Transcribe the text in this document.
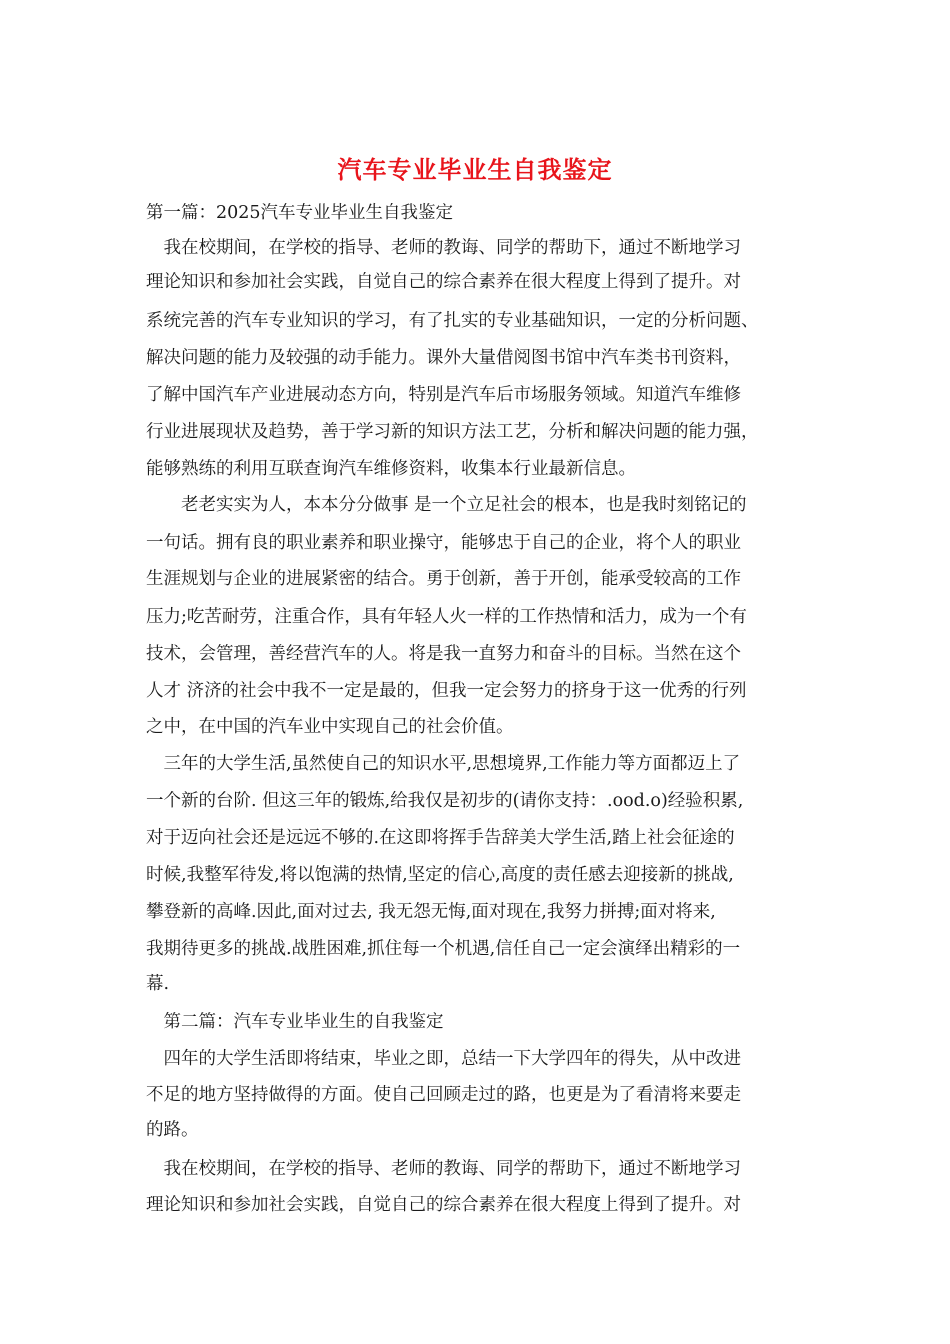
汽车专业毕业生自我鉴定
第一篇：2025汽车专业毕业生自我鉴定
　我在校期间，在学校的指导、老师的教诲、同学的帮助下，通过不断地学习
理论知识和参加社会实践，自觉自己的综合素养在很大程度上得到了提升。对
系统完善的汽车专业知识的学习，有了扎实的专业基础知识，一定的分析问题、
解决问题的能力及较强的动手能力。课外大量借阅图书馆中汽车类书刊资料，
了解中国汽车产业进展动态方向，特别是汽车后市场服务领域。知道汽车维修
行业进展现状及趋势，善于学习新的知识方法工艺，分析和解决问题的能力强，
能够熟练的利用互联查询汽车维修资料，收集本行业最新信息。
　　老老实实为人，本本分分做事 是一个立足社会的根本，也是我时刻铭记的
一句话。拥有良的职业素养和职业操守，能够忠于自己的企业，将个人的职业
生涯规划与企业的进展紧密的结合。勇于创新，善于开创，能承受较高的工作
压力;吃苦耐劳，注重合作，具有年轻人火一样的工作热情和活力，成为一个有
技术，会管理，善经营汽车的人。将是我一直努力和奋斗的目标。当然在这个
人才 济济的社会中我不一定是最的，但我一定会努力的挤身于这一优秀的行列
之中，在中国的汽车业中实现自己的社会价值。
　三年的大学生活,虽然使自己的知识水平,思想境界,工作能力等方面都迈上了
一个新的台阶. 但这三年的锻炼,给我仅是初步的(请你支持：.ood.o)经验积累,
对于迈向社会还是远远不够的.在这即将挥手告辞美大学生活,踏上社会征途的
时候,我整军待发,将以饱满的热情,坚定的信心,高度的责任感去迎接新的挑战,
攀登新的高峰.因此,面对过去, 我无怨无悔,面对现在,我努力拼搏;面对将来,
我期待更多的挑战.战胜困难,抓住每一个机遇,信任自己一定会演绎出精彩的一
幕.
　第二篇：汽车专业毕业生的自我鉴定
　四年的大学生活即将结束，毕业之即，总结一下大学四年的得失，从中改进
不足的地方坚持做得的方面。使自己回顾走过的路，也更是为了看清将来要走
的路。
　我在校期间，在学校的指导、老师的教诲、同学的帮助下，通过不断地学习
理论知识和参加社会实践，自觉自己的综合素养在很大程度上得到了提升。对
